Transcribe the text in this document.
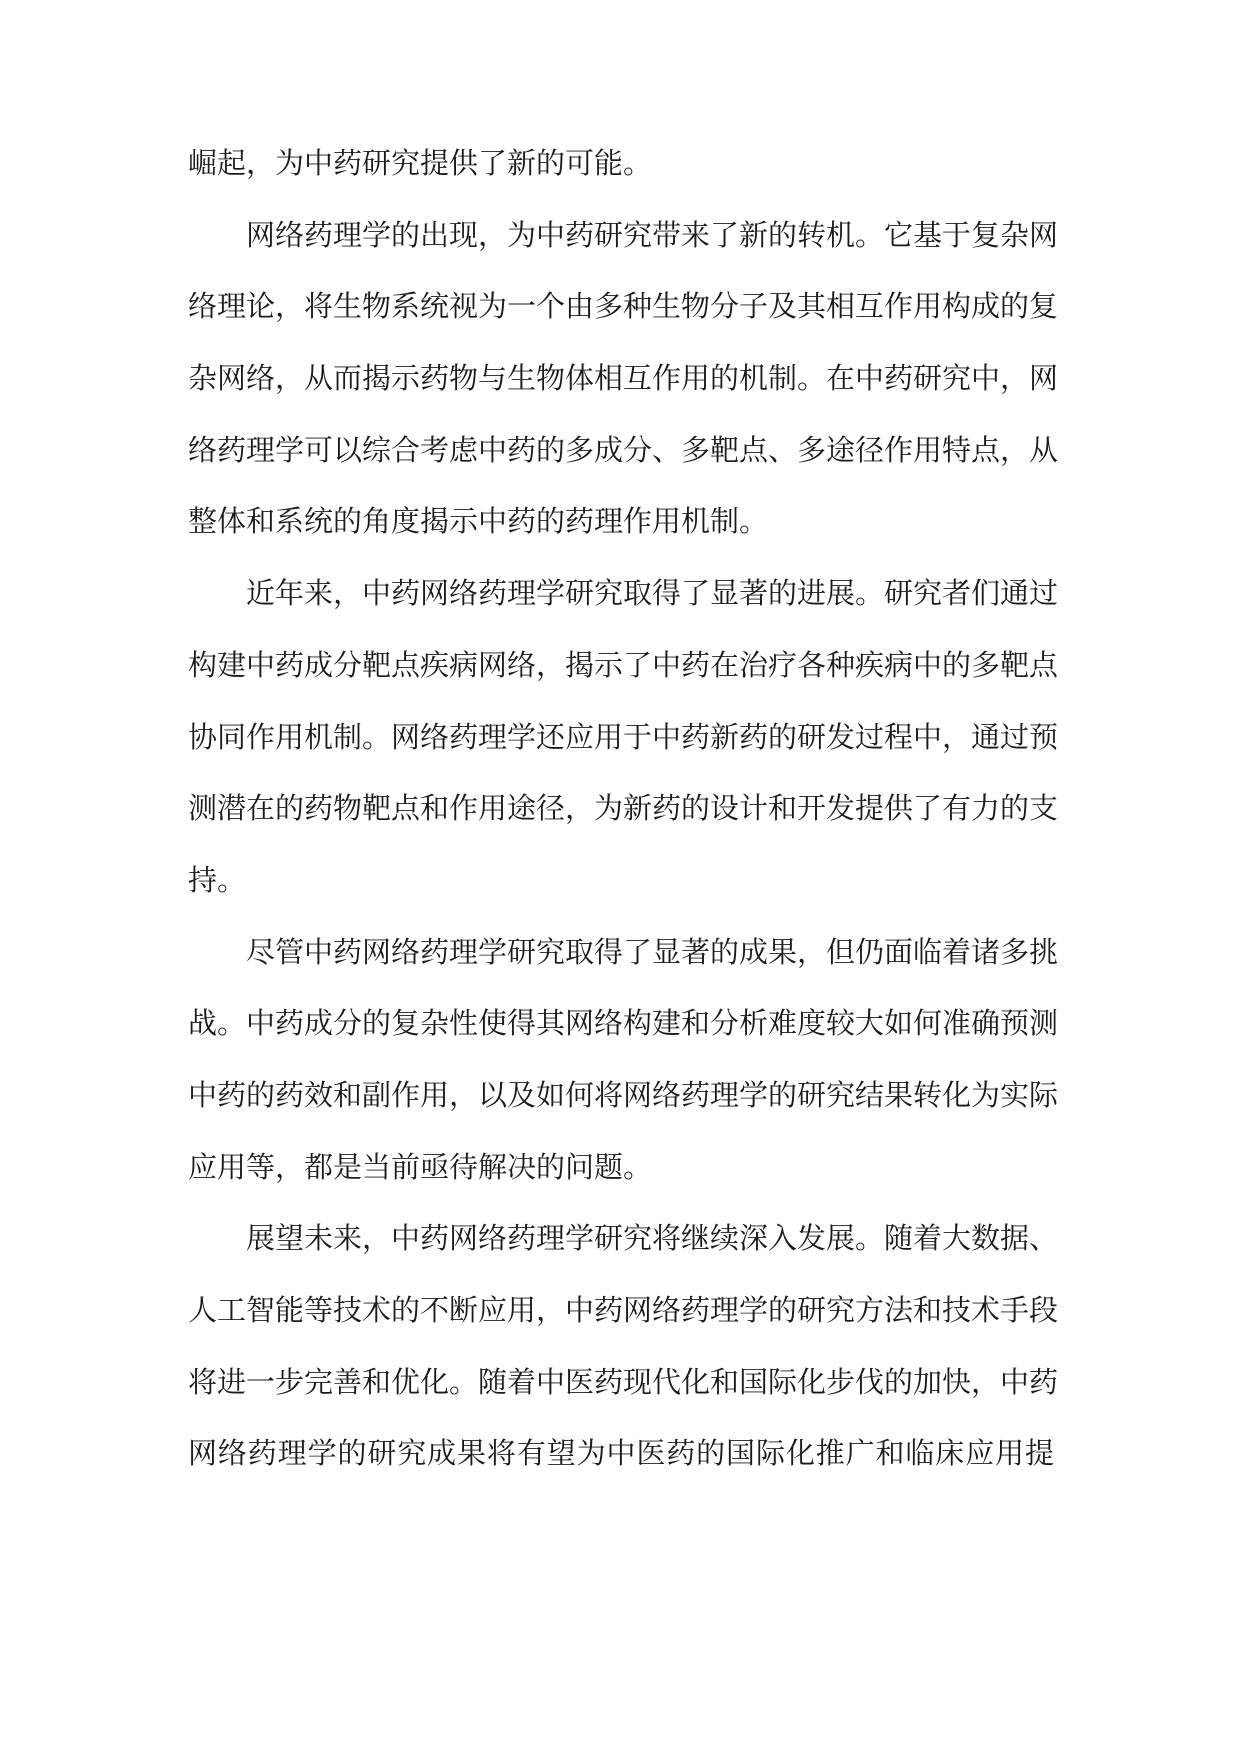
崛起，为中药研究提供了新的可能。
网络药理学的出现，为中药研究带来了新的转机。它基于复杂网
络理论，将生物系统视为一个由多种生物分子及其相互作用构成的复
杂网络，从而揭示药物与生物体相互作用的机制。在中药研究中，网
络药理学可以综合考虑中药的多成分、多靶点、多途径作用特点，从
整体和系统的角度揭示中药的药理作用机制。
近年来，中药网络药理学研究取得了显著的进展。研究者们通过
构建中药成分靶点疾病网络，揭示了中药在治疗各种疾病中的多靶点
协同作用机制。网络药理学还应用于中药新药的研发过程中，通过预
测潜在的药物靶点和作用途径，为新药的设计和开发提供了有力的支
持。
尽管中药网络药理学研究取得了显著的成果，但仍面临着诸多挑
战。中药成分的复杂性使得其网络构建和分析难度较大如何准确预测
中药的药效和副作用，以及如何将网络药理学的研究结果转化为实际
应用等，都是当前亟待解决的问题。
展望未来，中药网络药理学研究将继续深入发展。随着大数据、
人工智能等技术的不断应用，中药网络药理学的研究方法和技术手段
将进一步完善和优化。随着中医药现代化和国际化步伐的加快，中药
网络药理学的研究成果将有望为中医药的国际化推广和临床应用提
